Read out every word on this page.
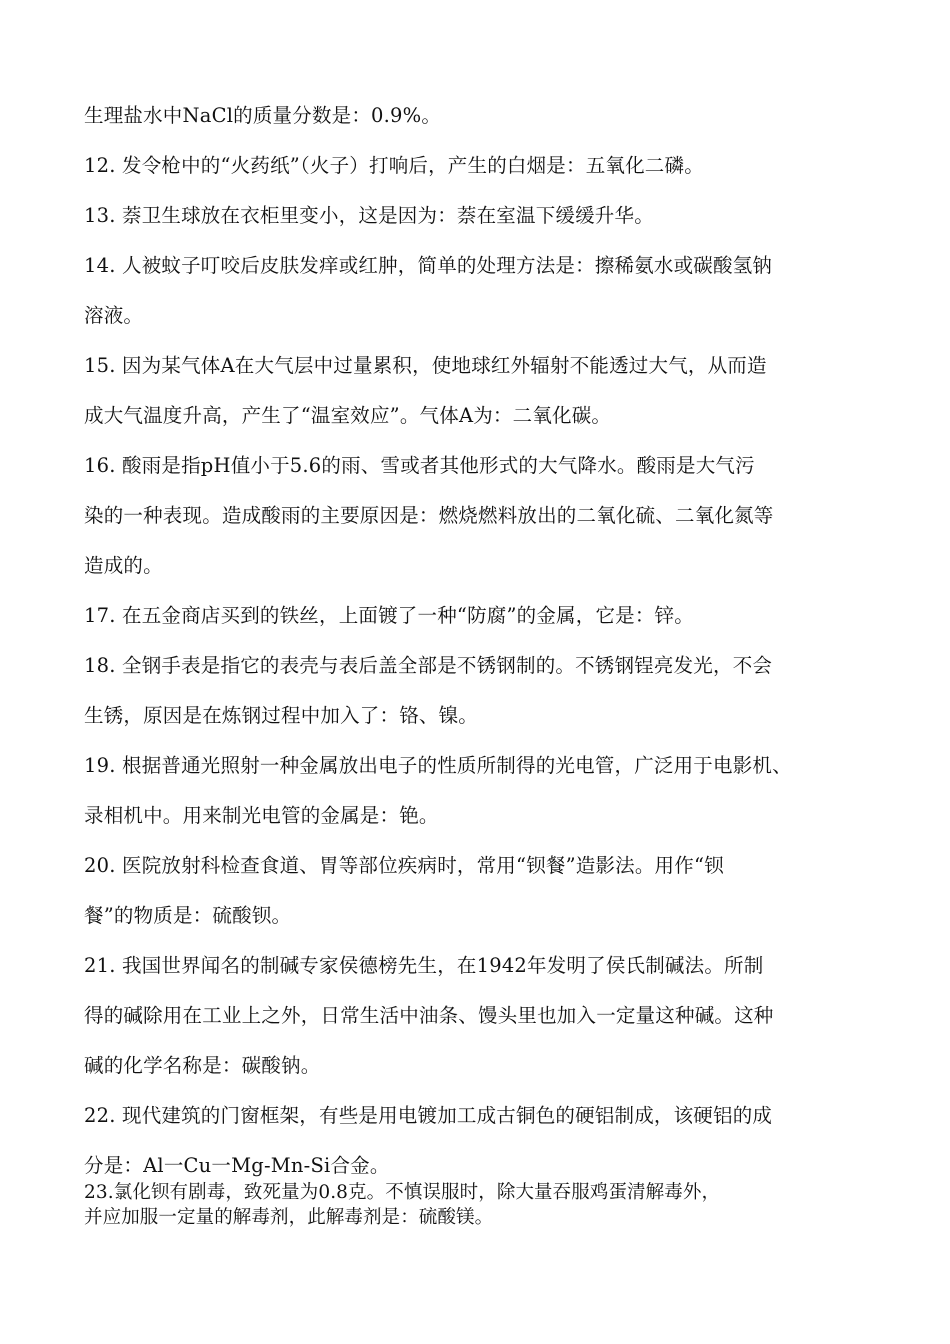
生理盐水中NaCl的质量分数是：0.9%。
12. 发令枪中的“火药纸”（火子）打响后，产生的白烟是：五氧化二磷。
13. 萘卫生球放在衣柜里变小，这是因为：萘在室温下缓缓升华。
14. 人被蚊子叮咬后皮肤发痒或红肿，简单的处理方法是：擦稀氨水或碳酸氢钠
溶液。
15. 因为某气体A在大气层中过量累积，使地球红外辐射不能透过大气，从而造
成大气温度升高，产生了“温室效应”。气体A为：二氧化碳。
16. 酸雨是指pH值小于5.6的雨、雪或者其他形式的大气降水。酸雨是大气污
染的一种表现。造成酸雨的主要原因是：燃烧燃料放出的二氧化硫、二氧化氮等
造成的。
17. 在五金商店买到的铁丝，上面镀了一种“防腐”的金属，它是：锌。
18. 全钢手表是指它的表壳与表后盖全部是不锈钢制的。不锈钢锃亮发光，不会
生锈，原因是在炼钢过程中加入了：铬、镍。
19. 根据普通光照射一种金属放出电子的性质所制得的光电管，广泛用于电影机、
录相机中。用来制光电管的金属是：铯。
20. 医院放射科检查食道、胃等部位疾病时，常用“钡餐”造影法。用作“钡
餐”的物质是：硫酸钡。
21. 我国世界闻名的制碱专家侯德榜先生，在1942年发明了侯氏制碱法。所制
得的碱除用在工业上之外，日常生活中油条、馒头里也加入一定量这种碱。这种
碱的化学名称是：碳酸钠。
22. 现代建筑的门窗框架，有些是用电镀加工成古铜色的硬铝制成，该硬铝的成
分是：Al一Cu一Mg-Mn-Si合金。
23.氯化钡有剧毒，致死量为0.8克。不慎误服时，除大量吞服鸡蛋清解毒外，
并应加服一定量的解毒剂，此解毒剂是：硫酸镁。
